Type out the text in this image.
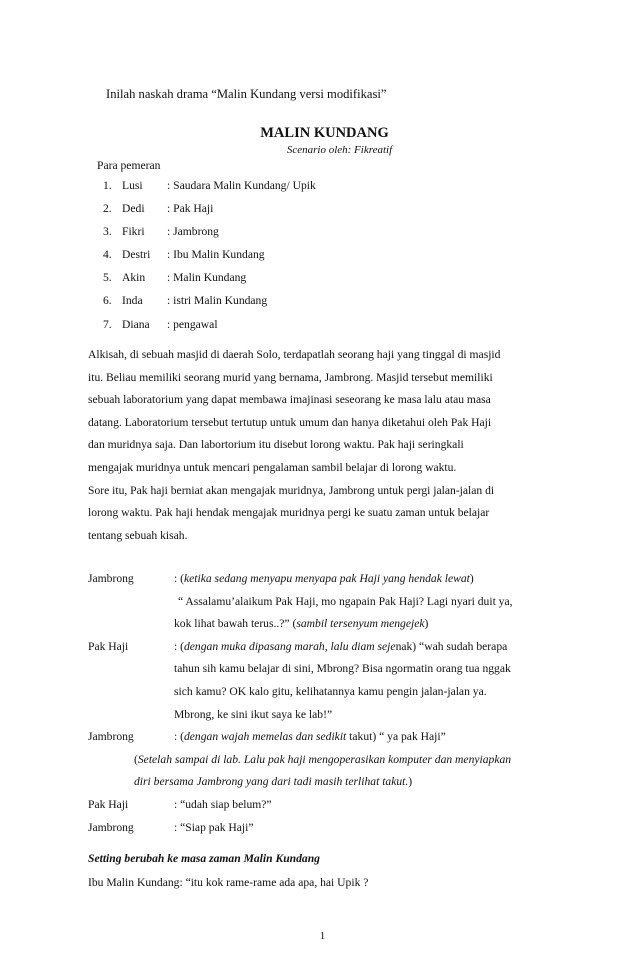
Inilah naskah drama “Malin Kundang versi modifikasi”
MALIN KUNDANG
Scenario oleh: Fikreatif
Para pemeran
1. Lusi : Saudara Malin Kundang/ Upik
2. Dedi : Pak Haji
3. Fikri : Jambrong
4. Destri : Ibu Malin Kundang
5. Akin : Malin Kundang
6. Inda : istri Malin Kundang
7. Diana : pengawal
Alkisah, di sebuah masjid di daerah Solo, terdapatlah seorang haji yang tinggal di masjid
itu. Beliau memiliki seorang murid yang bernama, Jambrong. Masjid tersebut memiliki
sebuah laboratorium yang dapat membawa imajinasi seseorang ke masa lalu atau masa
datang. Laboratorium tersebut tertutup untuk umum dan hanya diketahui oleh Pak Haji
dan muridnya saja. Dan labortorium itu disebut lorong waktu. Pak haji seringkali
mengajak muridnya untuk mencari pengalaman sambil belajar di lorong waktu.
Sore itu, Pak haji berniat akan mengajak muridnya, Jambrong untuk pergi jalan-jalan di
lorong waktu. Pak haji hendak mengajak muridnya pergi ke suatu zaman untuk belajar
tentang sebuah kisah.
Jambrong	: (ketika sedang menyapu menyapa pak Haji yang hendak lewat)
“ Assalamu’alaikum Pak Haji, mo ngapain Pak Haji? Lagi nyari duit ya,
kok lihat bawah terus..?” (sambil tersenyum mengejek)
Pak Haji	: (dengan muka dipasang marah, lalu diam sejenak) “wah sudah berapa
tahun sih kamu belajar di sini, Mbrong? Bisa ngormatin orang tua nggak
sich kamu? OK kalo gitu, kelihatannya kamu pengin jalan-jalan ya.
Mbrong, ke sini ikut saya ke lab!”
Jambrong	: (dengan wajah memelas dan sedikit takut) “ ya pak Haji”
(Setelah sampai di lab. Lalu pak haji mengoperasikan komputer dan menyiapkan
diri bersama Jambrong yang dari tadi masih terlihat takut.)
Pak Haji	: “udah siap belum?”
Jambrong	: “Siap pak Haji”
Setting berubah ke masa zaman Malin Kundang
Ibu Malin Kundang: “itu kok rame-rame ada apa, hai Upik ?
1
